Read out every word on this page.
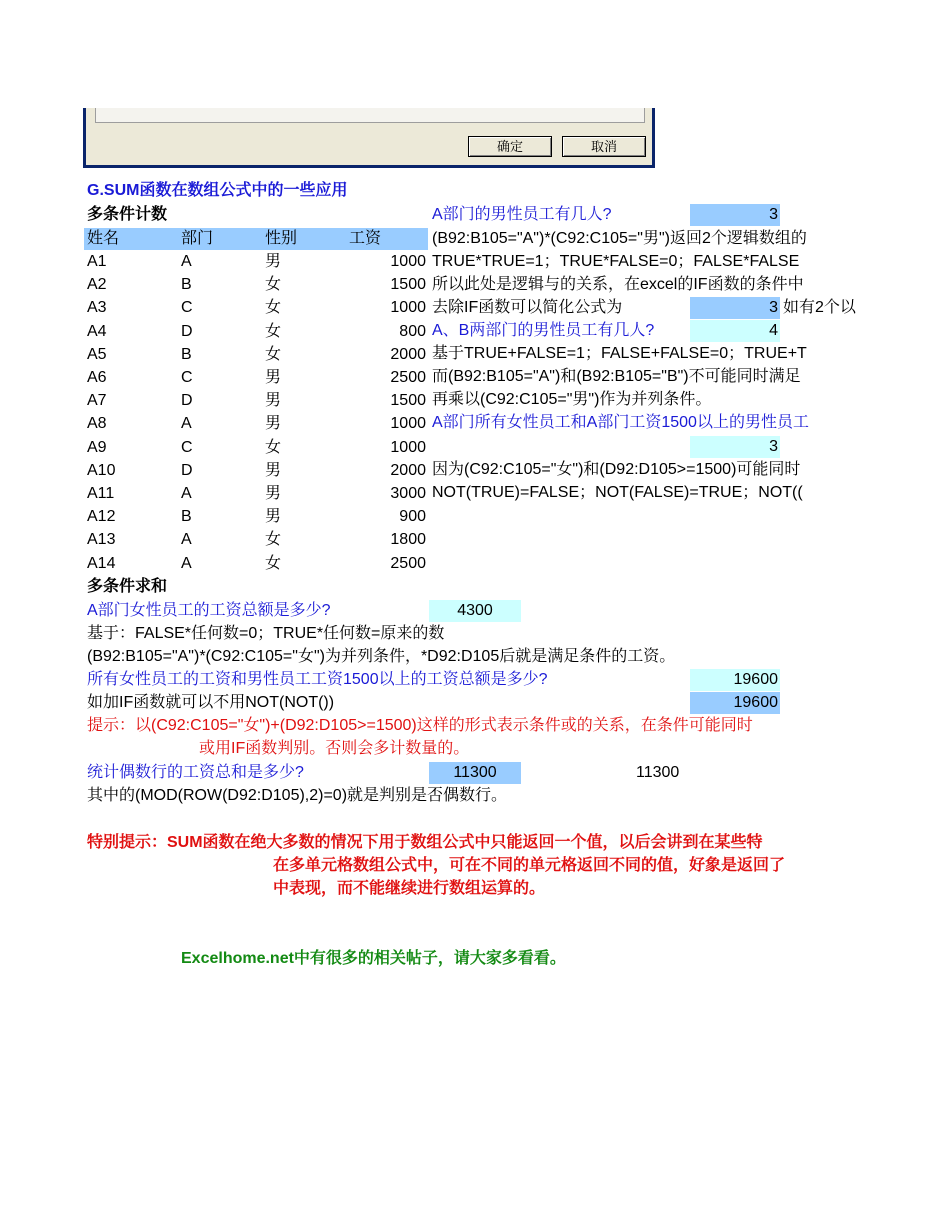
确定	取消
G.SUM函数在数组公式中的一些应用
多条件计数
姓名	部门	性别	工资
A1	A	男	1000
A2	B	女	1500
A3	C	女	1000
A4	D	女	800
A5	B	女	2000
A6	C	男	2500
A7	D	男	1500
A8	A	男	1000
A9	C	女	1000
A10	D	男	2000
A11	A	男	3000
A12	B	男	900
A13	A	女	1800
A14	A	女	2500
A部门的男性员工有几人?	3
(B92:B105="A")*(C92:C105="男")返回2个逻辑数组的
TRUE*TRUE=1；TRUE*FALSE=0；FALSE*FALSE
所以此处是逻辑与的关系，在excel的IF函数的条件中
去除IF函数可以简化公式为	3 如有2个以
A、B两部门的男性员工有几人?	4
基于TRUE+FALSE=1；FALSE+FALSE=0；TRUE+T
而(B92:B105="A")和(B92:B105="B")不可能同时满足
再乘以(C92:C105="男")作为并列条件。
A部门所有女性员工和A部门工资1500以上的男性员工
3
因为(C92:C105="女")和(D92:D105>=1500)可能同时
NOT(TRUE)=FALSE；NOT(FALSE)=TRUE；NOT((
多条件求和
A部门女性员工的工资总额是多少?	4300
基于：FALSE*任何数=0；TRUE*任何数=原来的数
(B92:B105="A")*(C92:C105="女")为并列条件，*D92:D105后就是满足条件的工资。
所有女性员工的工资和男性员工工资1500以上的工资总额是多少?	19600
如加IF函数就可以不用NOT(NOT())	19600
提示：以(C92:C105="女")+(D92:D105>=1500)这样的形式表示条件或的关系，在条件可能同时
或用IF函数判别。否则会多计数量的。
统计偶数行的工资总和是多少?	11300	11300
其中的(MOD(ROW(D92:D105),2)=0)就是判别是否偶数行。
特别提示：SUM函数在绝大多数的情况下用于数组公式中只能返回一个值，以后会讲到在某些特
在多单元格数组公式中，可在不同的单元格返回不同的值，好象是返回了
中表现，而不能继续进行数组运算的。
Excelhome.net中有很多的相关帖子，请大家多看看。
